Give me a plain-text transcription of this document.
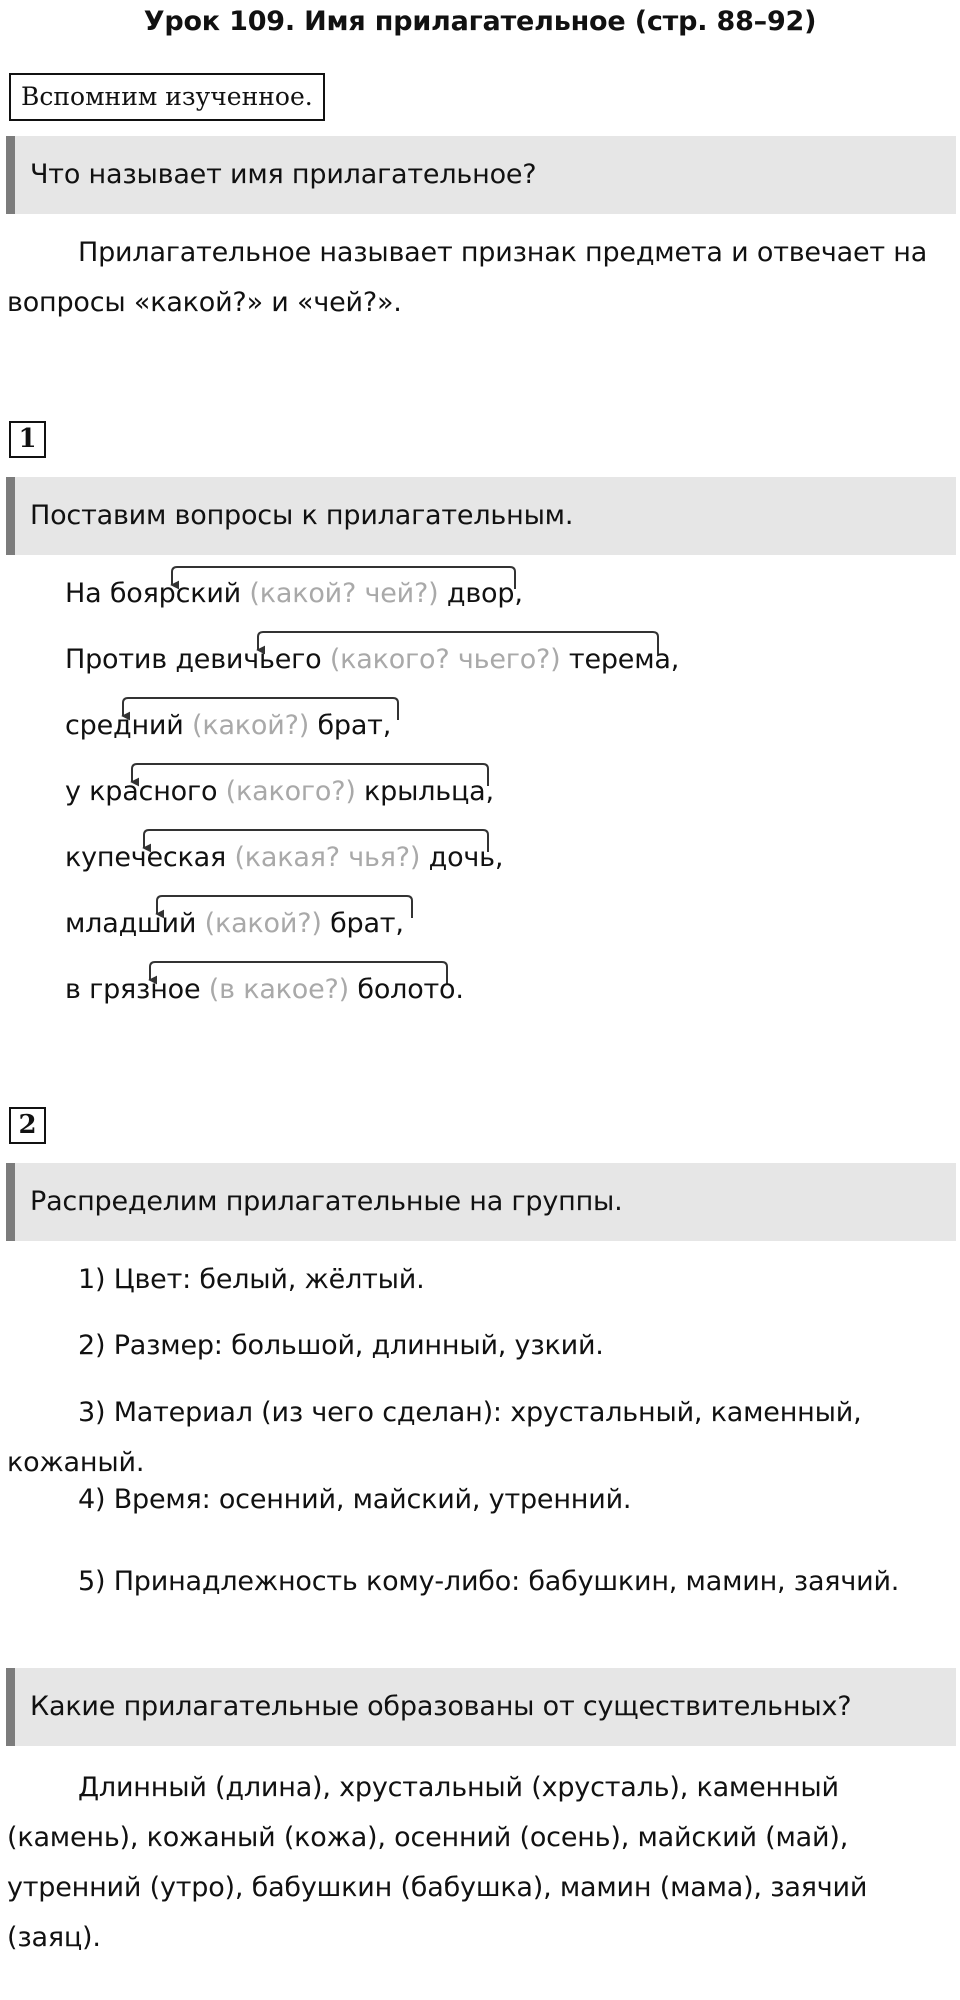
Урок 109. Имя прилагательное (стр. 88–92)
Вспомним изученное.
Что называет имя прилагательное?

Прилагательное называет признак предмета и отвечает на вопросы «какой?» и «чей?».

1
Поставим вопросы к прилагательным.
На боярский (какой? чей?) двор,
Против девичьего (какого? чьего?) терема,
средний (какой?) брат,
у красного (какого?) крыльца,
купеческая (какая? чья?) дочь,
младший (какой?) брат,
в грязное (в какое?) болото.
2
Распределим прилагательные на группы.

1) Цвет: белый, жёлтый.

2) Размер: большой, длинный, узкий.

3) Материал (из чего сделан): хрустальный, каменный, кожаный.

4) Время: осенний, майский, утренний.

5) Принадлежность кому-либо: бабушкин, мамин, заячий.

Какие прилагательные образованы от существительных?

Длинный (длина), хрустальный (хрусталь), каменный (камень), кожаный (кожа), осенний (осень), майский (май), утренний (утро), бабушкин (бабушка), мамин (мама), заячий (заяц).
